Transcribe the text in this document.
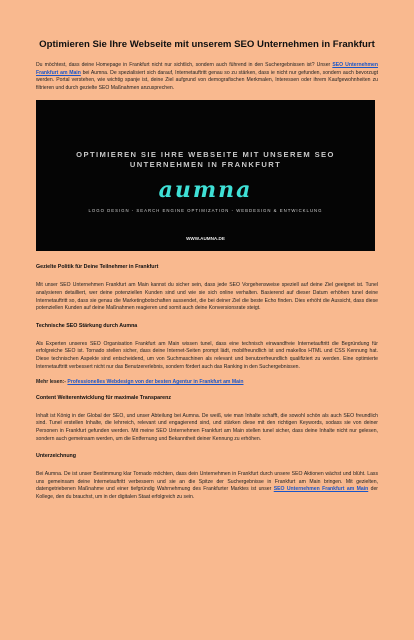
Optimieren Sie Ihre Webseite mit unserem SEO Unternehmen in Frankfurt

Du möchtest, dass deine Homepage in Frankfurt nicht nur sichtlich, sondern auch führend in den Suchergebnissen ist? Unser SEO Unternehmen Frankfurt am Main bei Aumna. De spezialisiert sich darauf, Internetauftritt genau so zu stärken, dass ie nicht nur gefunden, sondern auch bevorzugt werden. Portal verstehen, wie wichtig spanje ist, deine Ziel aufgrund von demografischen Merkmalen, Interessen oder ihrem Kaufgewohnheiten zu filtrieren und durch gezielte SEO Maßnahmen anzusprechen.

OPTIMIEREN SIE IHRE WEBSEITE MIT UNSEREM SEO
UNTERNEHMEN IN FRANKFURT
aumna
LOGO DESIGN - SEARCH ENGINE OPTIMIZATION - WEBDESIGN & ENTWICKLUNG
WWW.AUMNA.DE
Gezielte Politik für Deine Teilnehmer in Frankfurt

Mit unser SEO Unternehmen Frankfurt am Main kannst du sicher sein, dass jede SEO Vorgehensweise speziell auf deine Ziel geeignet ist. Tunel analysieren detailliert, wer deine potenziellen Kunden sind und wie sie sich online verhalten. Basierend auf dieser Datum erhöhen tunel deine Internetauftritt so, dass sie genau die Marketingbotschaften aussendet, die bei deiner Ziel die beste Echo finden. Dies erhöht die Aussicht, dass diese potenziellen Kunden auf deine Maßnahmen reagieren und somit auch deine Konversionsrate steigt.

Technische SEO Stärkung durch Aumna

Als Experten unseres SEO Organisation Frankfurt am Main wissen tunel, dass eine technisch einwandfreie Internetauftritt die Begründung für erfolgreiche SEO ist. Tornado stellen sicher, dass deine Internet-Seiten prompt lädt, mobilfreundlich ist und makellos HTML und CSS Kennung hat. Diese technischen Aspekte sind entscheidend, um von Suchmaschinen als relevant und benutzerfreundlich qualifiziert zu werden. Eine optimierte Internetauftritt verbessert nicht nur das Benutzererlebnis, sondern fördert auch das Ranking in den Suchergebnissen.

Mehr lesen:- Professionelles Webdesign von der besten Agentur in Frankfurt am Main

Content Weiterentwicklung für maximale Transparenz

Inhalt ist König in der Global der SEO, und unser Abteilung bei Aumna. De weiß, wie man Inhalte schafft, die sowohl schön als auch SEO freundlich sind. Tunel erstellen Inhalte, die lehrreich, relevant und engagierend sind, und stärken diese mit den richtigen Keywords, sodass sie von deiner Personen in Frankfurt gefunden werden. Mit meine SEO Unternehmen Frankfurt am Main stellen tunel sicher, dass deine Inhalte nicht nur gelesen, sondern auch gemeinsam werden, um die Entfernung und Bekanntheit deiner Kennung zu erhöhen.

Unterzeichnung

Bei Aumna. De ist unser Bestimmung klar Tornado möchten, dass dein Unternehmen in Frankfurt durch unsere SEO Aktionen wächst und blüht. Lass uns gemeinsam deine Internetauftritt verbessern und sie an die Spitze der Suchergebnisse in Frankfurt am Main bringen. Mit gezielten, datengetriebenen Maßnahme und einer tiefgründig Wahrnehmung des Frankfurter Marktes ist unser SEO Unternehmen Frankfurt am Main der Kollege, den du brauchst, um in der digitalen Staat erfolgreich zu sein.
